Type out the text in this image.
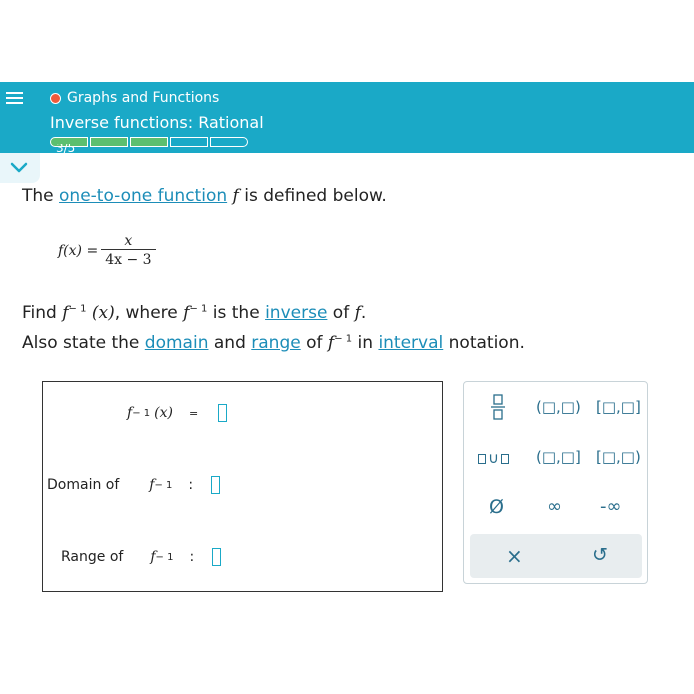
Graphs and Functions
Inverse functions: Rational
3/5
The one-to-one function f is defined below.
$f(x) = \frac{x}{4x - 3}$
Find $f^{- 1}$ (x), where $f^{- 1}$ is the inverse of f.
Also state the domain and range of $f^{- 1}$ in interval notation.
f − 1 (x) =
Domain of f − 1 :
Range of f − 1 :
(□,□) [□,□]
∪	(□,□] [□,□)
Ø ∞ -∞
×	↺
